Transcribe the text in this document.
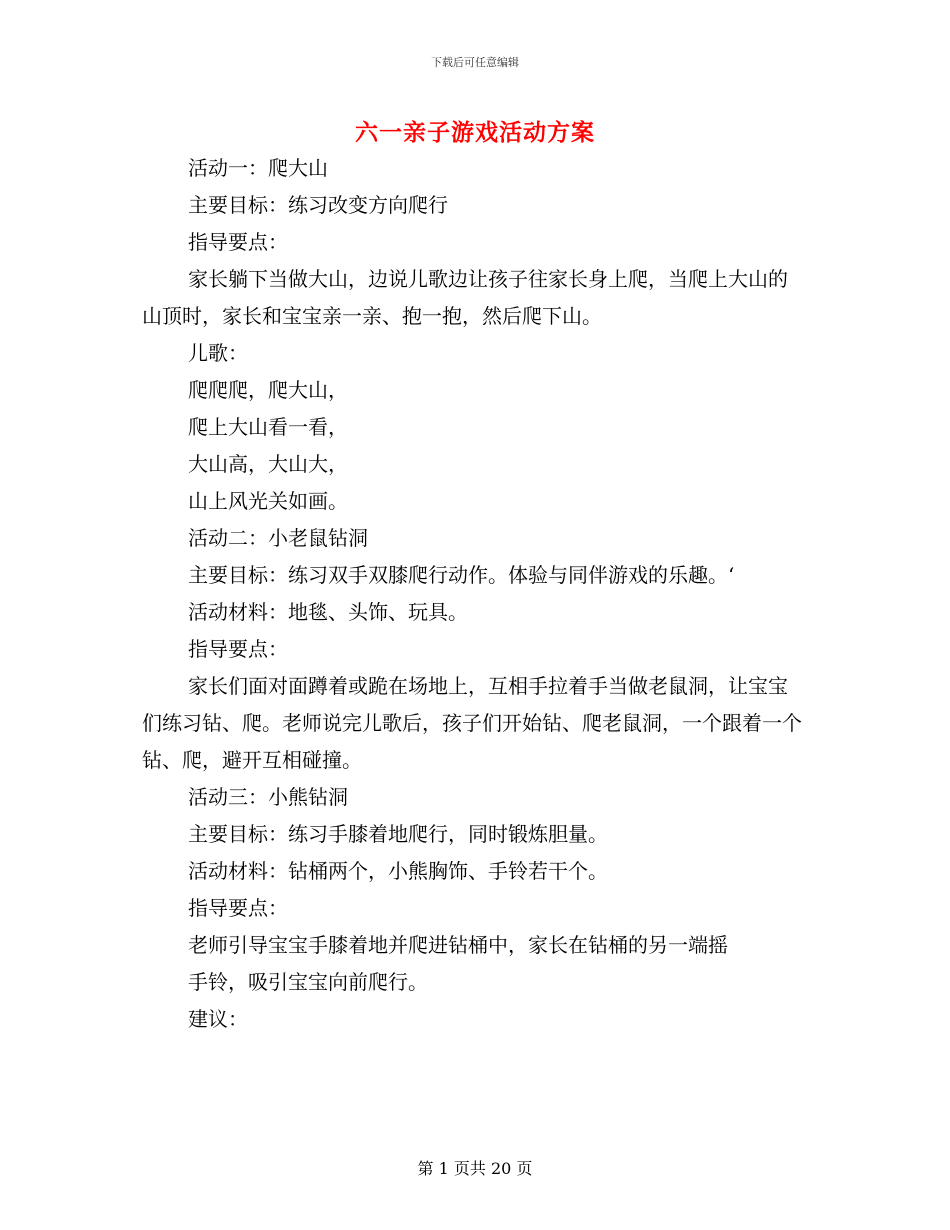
下载后可任意编辑
六一亲子游戏活动方案
活动一：爬大山
主要目标：练习改变方向爬行
指导要点：
家长躺下当做大山，边说儿歌边让孩子往家长身上爬，当爬上大山的山顶时，家长和宝宝亲一亲、抱一抱，然后爬下山。
儿歌：
爬爬爬，爬大山，
爬上大山看一看，
大山高，大山大，
山上风光关如画。
活动二：小老鼠钻洞
主要目标：练习双手双膝爬行动作。体验与同伴游戏的乐趣。‘
活动材料：地毯、头饰、玩具。
指导要点：
家长们面对面蹲着或跪在场地上，互相手拉着手当做老鼠洞，让宝宝们练习钻、爬。老师说完儿歌后，孩子们开始钻、爬老鼠洞，一个跟着一个钻、爬，避开互相碰撞。
活动三：小熊钻洞
主要目标：练习手膝着地爬行，同时锻炼胆量。
活动材料：钻桶两个，小熊胸饰、手铃若干个。
指导要点：
老师引导宝宝手膝着地并爬进钻桶中，家长在钻桶的另一端摇
手铃，吸引宝宝向前爬行。
建议：
第 1 页共 20 页
